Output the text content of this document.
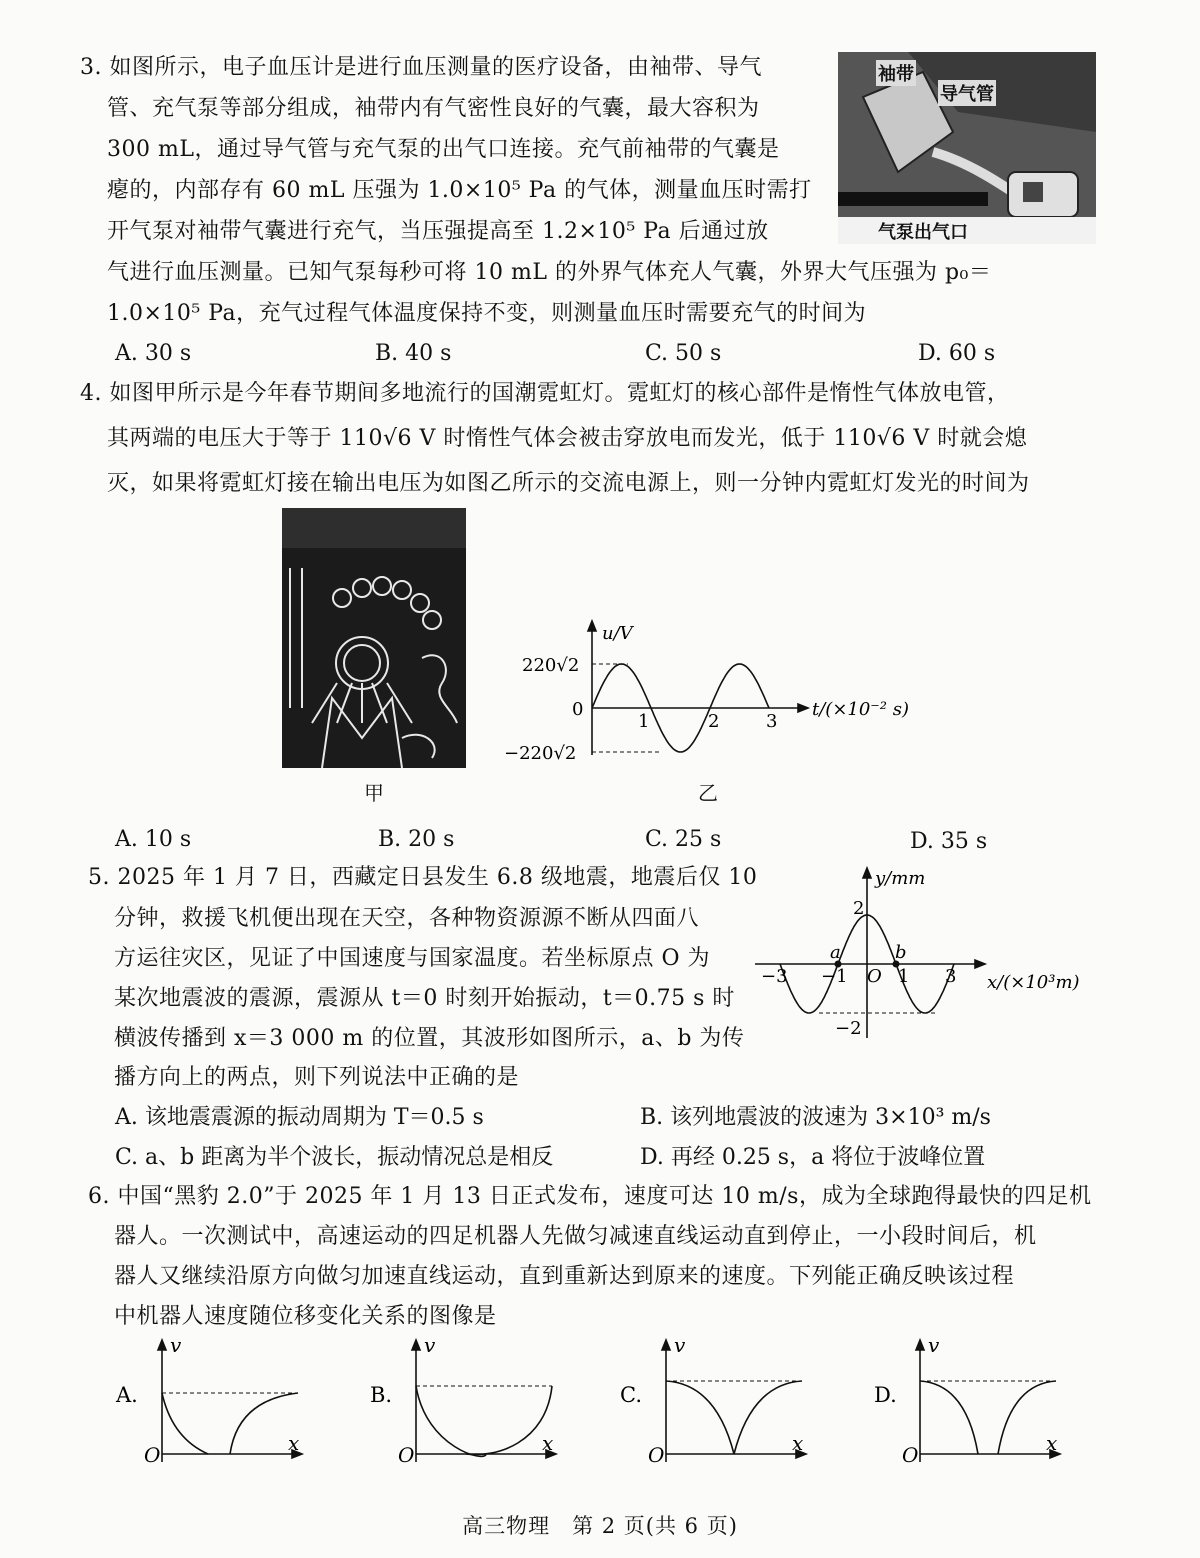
3. 如图所示，电子血压计是进行血压测量的医疗设备，由袖带、导气
管、充气泵等部分组成，袖带内有气密性良好的气囊，最大容积为
300 mL，通过导气管与充气泵的出气口连接。充气前袖带的气囊是
瘪的，内部存有 60 mL 压强为 1.0×10⁵ Pa 的气体，测量血压时需打
开气泵对袖带气囊进行充气，当压强提高至 1.2×10⁵ Pa 后通过放
气进行血压测量。已知气泵每秒可将 10 mL 的外界气体充人气囊，外界大气压强为 p₀＝
1.0×10⁵ Pa，充气过程气体温度保持不变，则测量血压时需要充气的时间为
A. 30 s	B. 40 s	C. 50 s	D. 60 s
袖带
导气管
气泵出气口
4. 如图甲所示是今年春节期间多地流行的国潮霓虹灯。霓虹灯的核心部件是惰性气体放电管，
其两端的电压大于等于 110√6 V 时惰性气体会被击穿放电而发光，低于 110√6 V 时就会熄
灭，如果将霓虹灯接在输出电压为如图乙所示的交流电源上，则一分钟内霓虹灯发光的时间为
甲
u/V
220√2
0
−220√2
1	2	3
t/(×10⁻² s)
乙
A. 10 s	B. 20 s	C. 25 s	D. 35 s
5. 2025 年 1 月 7 日，西藏定日县发生 6.8 级地震，地震后仅 10
分钟，救援飞机便出现在天空，各种物资源源不断从四面八
方运往灾区，见证了中国速度与国家温度。若坐标原点 O 为
某次地震波的震源，震源从 t＝0 时刻开始振动，t＝0.75 s 时
横波传播到 x＝3 000 m 的位置，其波形如图所示，a、b 为传
播方向上的两点，则下列说法中正确的是
y/mm
2
a	b
−3 −1 O 1 3 x/(×10³m)
−2
A. 该地震震源的振动周期为 T＝0.5 s	B. 该列地震波的波速为 3×10³ m/s
C. a、b 距离为半个波长，振动情况总是相反	D. 再经 0.25 s，a 将位于波峰位置
6. 中国“黑豹 2.0”于 2025 年 1 月 13 日正式发布，速度可达 10 m/s，成为全球跑得最快的四足机
器人。一次测试中，高速运动的四足机器人先做匀减速直线运动直到停止，一小段时间后，机
器人又继续沿原方向做匀加速直线运动，直到重新达到原来的速度。下列能正确反映该过程
中机器人速度随位移变化关系的图像是
v
x
O
v
x
O
v
x
O
v
x
O
A.	B.	C.	D.
高三物理　第 2 页(共 6 页)
